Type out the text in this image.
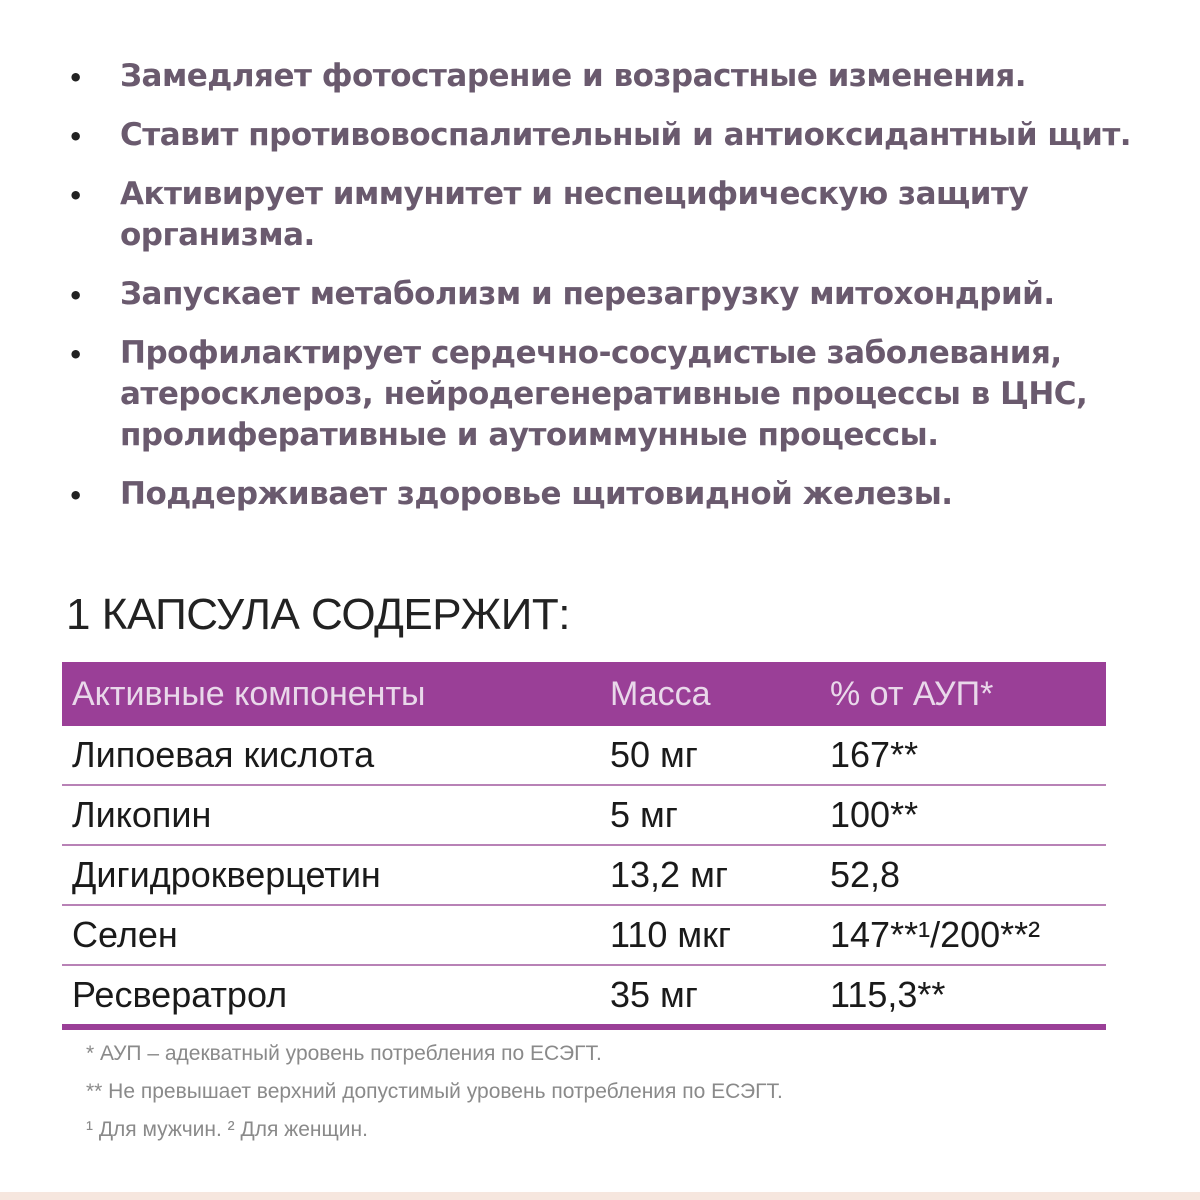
• Замедляет фотостарение и возрастные изменения.
• Ставит противовоспалительный и антиоксидантный щит.
• Активирует иммунитет и неспецифическую защиту организма.
• Запускает метаболизм и перезагрузку митохондрий.
• Профилактирует сердечно-сосудистые заболевания, атеросклероз, нейродегенеративные процессы в ЦНС, пролиферативные и аутоиммунные процессы.
• Поддерживает здоровье щитовидной железы.
1 КАПСУЛА СОДЕРЖИТ:
Активные компоненты	Масса	% от АУП*
Липоевая кислота	50 мг	167**
Ликопин	5 мг	100**
Дигидрокверцетин	13,2 мг	52,8
Селен	110 мкг	147**¹/200**²
Ресвератрол	35 мг	115,3**
* АУП – адекватный уровень потребления по ЕСЭГТ.
** Не превышает верхний допустимый уровень потребления по ЕСЭГТ.
¹ Для мужчин. ² Для женщин.
